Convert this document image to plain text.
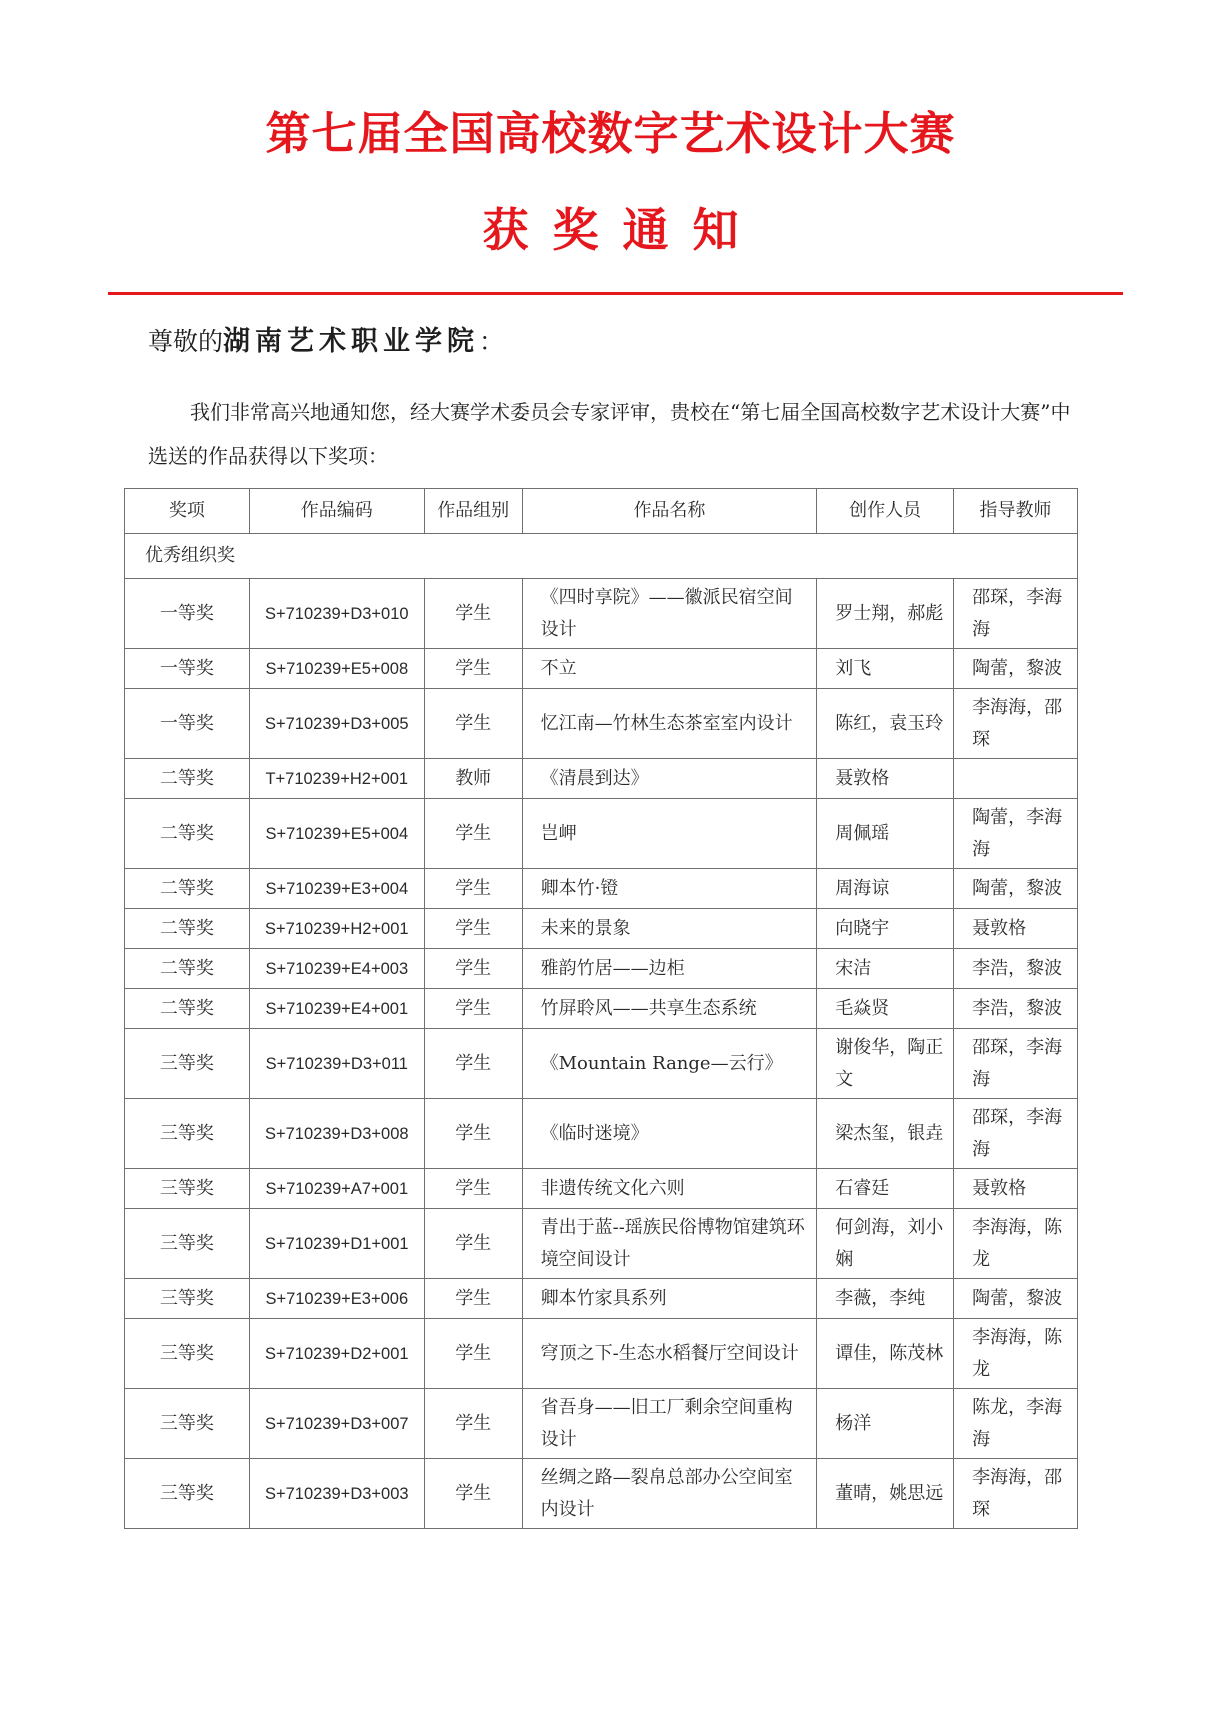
第七届全国高校数字艺术设计大赛
获奖通知
尊敬的湖南艺术职业学院：
我们非常高兴地通知您，经大赛学术委员会专家评审，贵校在“第七届全国高校数字艺术设计大赛”中选送的作品获得以下奖项：
奖项	作品编码	作品组别	作品名称	创作人员	指导教师
优秀组织奖					
一等奖	S+710239+D3+010	学生	《四时享院》——徽派民宿空间设计	罗士翔，郝彪	邵琛，李海海
一等奖	S+710239+E5+008	学生	不立	刘飞	陶蕾，黎波
一等奖	S+710239+D3+005	学生	忆江南—竹林生态茶室室内设计	陈红，袁玉玲	李海海，邵琛
二等奖	T+710239+H2+001	教师	《清晨到达》	聂敦格	
二等奖	S+710239+E5+004	学生	岂岬	周佩瑶	陶蕾，李海海
二等奖	S+710239+E3+004	学生	卿本竹·镫	周海谅	陶蕾，黎波
二等奖	S+710239+H2+001	学生	未来的景象	向晓宇	聂敦格
二等奖	S+710239+E4+003	学生	雅韵竹居——边柜	宋洁	李浩，黎波
二等奖	S+710239+E4+001	学生	竹屏聆风——共享生态系统	毛焱贤	李浩，黎波
三等奖	S+710239+D3+011	学生	《Mountain Range—云行》	谢俊华，陶正文	邵琛，李海海
三等奖	S+710239+D3+008	学生	《临时迷境》	梁杰玺，银垚	邵琛，李海海
三等奖	S+710239+A7+001	学生	非遗传统文化六则	石睿廷	聂敦格
三等奖	S+710239+D1+001	学生	青出于蓝--瑶族民俗博物馆建筑环境空间设计	何剑海，刘小娴	李海海，陈龙
三等奖	S+710239+E3+006	学生	卿本竹家具系列	李薇，李纯	陶蕾，黎波
三等奖	S+710239+D2+001	学生	穹顶之下-生态水稻餐厅空间设计	谭佳，陈茂林	李海海，陈龙
三等奖	S+710239+D3+007	学生	省吾身——旧工厂剩余空间重构设计	杨洋	陈龙，李海海
三等奖	S+710239+D3+003	学生	丝绸之路—裂帛总部办公空间室内设计	董晴，姚思远	李海海，邵琛
